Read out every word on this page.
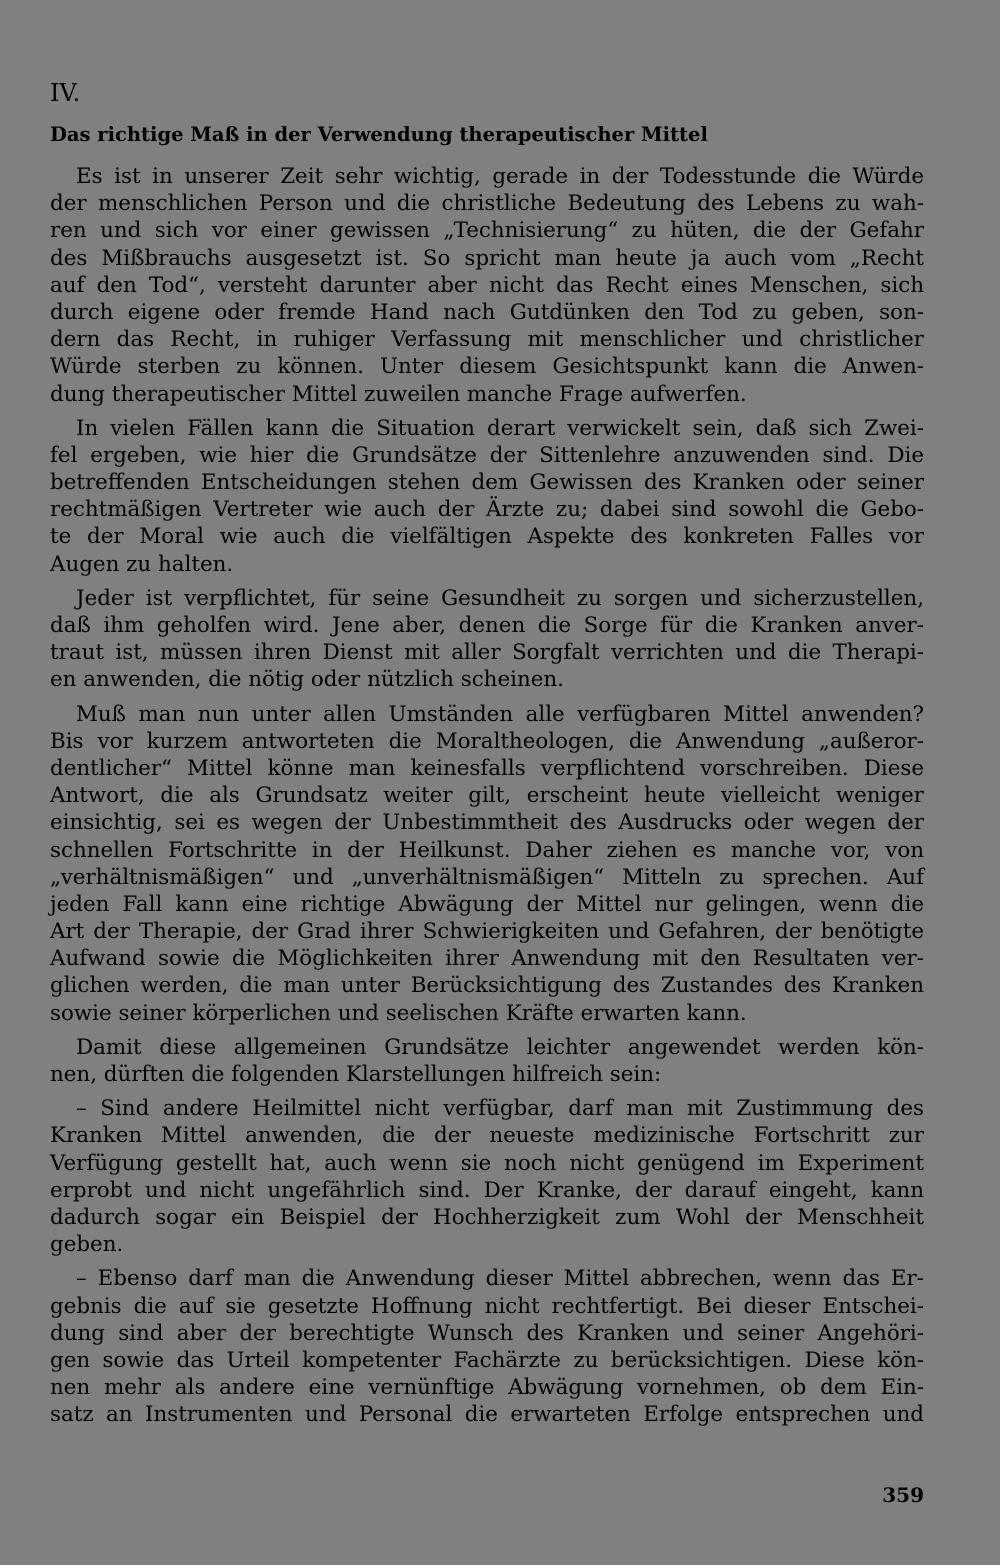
IV.
Das richtige Maß in der Verwendung therapeutischer Mittel
Es ist in unserer Zeit sehr wichtig, gerade in der Todesstunde die Würde
der menschlichen Person und die christliche Bedeutung des Lebens zu wah-
ren und sich vor einer gewissen „Technisierung“ zu hüten, die der Gefahr
des Mißbrauchs ausgesetzt ist. So spricht man heute ja auch vom „Recht
auf den Tod“, versteht darunter aber nicht das Recht eines Menschen, sich
durch eigene oder fremde Hand nach Gutdünken den Tod zu geben, son-
dern das Recht, in ruhiger Verfassung mit menschlicher und christlicher
Würde sterben zu können. Unter diesem Gesichtspunkt kann die Anwen-
dung therapeutischer Mittel zuweilen manche Frage aufwerfen.
In vielen Fällen kann die Situation derart verwickelt sein, daß sich Zwei-
fel ergeben, wie hier die Grundsätze der Sittenlehre anzuwenden sind. Die
betreffenden Entscheidungen stehen dem Gewissen des Kranken oder seiner
rechtmäßigen Vertreter wie auch der Ärzte zu; dabei sind sowohl die Gebo-
te der Moral wie auch die vielfältigen Aspekte des konkreten Falles vor
Augen zu halten.
Jeder ist verpflichtet, für seine Gesundheit zu sorgen und sicherzustellen,
daß ihm geholfen wird. Jene aber, denen die Sorge für die Kranken anver-
traut ist, müssen ihren Dienst mit aller Sorgfalt verrichten und die Therapi-
en anwenden, die nötig oder nützlich scheinen.
Muß man nun unter allen Umständen alle verfügbaren Mittel anwenden?
Bis vor kurzem antworteten die Moraltheologen, die Anwendung „außeror-
dentlicher“ Mittel könne man keinesfalls verpflichtend vorschreiben. Diese
Antwort, die als Grundsatz weiter gilt, erscheint heute vielleicht weniger
einsichtig, sei es wegen der Unbestimmtheit des Ausdrucks oder wegen der
schnellen Fortschritte in der Heilkunst. Daher ziehen es manche vor, von
„verhältnismäßigen“ und „unverhältnismäßigen“ Mitteln zu sprechen. Auf
jeden Fall kann eine richtige Abwägung der Mittel nur gelingen, wenn die
Art der Therapie, der Grad ihrer Schwierigkeiten und Gefahren, der benötigte
Aufwand sowie die Möglichkeiten ihrer Anwendung mit den Resultaten ver-
glichen werden, die man unter Berücksichtigung des Zustandes des Kranken
sowie seiner körperlichen und seelischen Kräfte erwarten kann.
Damit diese allgemeinen Grundsätze leichter angewendet werden kön-
nen, dürften die folgenden Klarstellungen hilfreich sein:
– Sind andere Heilmittel nicht verfügbar, darf man mit Zustimmung des
Kranken Mittel anwenden, die der neueste medizinische Fortschritt zur
Verfügung gestellt hat, auch wenn sie noch nicht genügend im Experiment
erprobt und nicht ungefährlich sind. Der Kranke, der darauf eingeht, kann
dadurch sogar ein Beispiel der Hochherzigkeit zum Wohl der Menschheit
geben.
– Ebenso darf man die Anwendung dieser Mittel abbrechen, wenn das Er-
gebnis die auf sie gesetzte Hoffnung nicht rechtfertigt. Bei dieser Entschei-
dung sind aber der berechtigte Wunsch des Kranken und seiner Angehöri-
gen sowie das Urteil kompetenter Fachärzte zu berücksichtigen. Diese kön-
nen mehr als andere eine vernünftige Abwägung vornehmen, ob dem Ein-
satz an Instrumenten und Personal die erwarteten Erfolge entsprechen und
359
